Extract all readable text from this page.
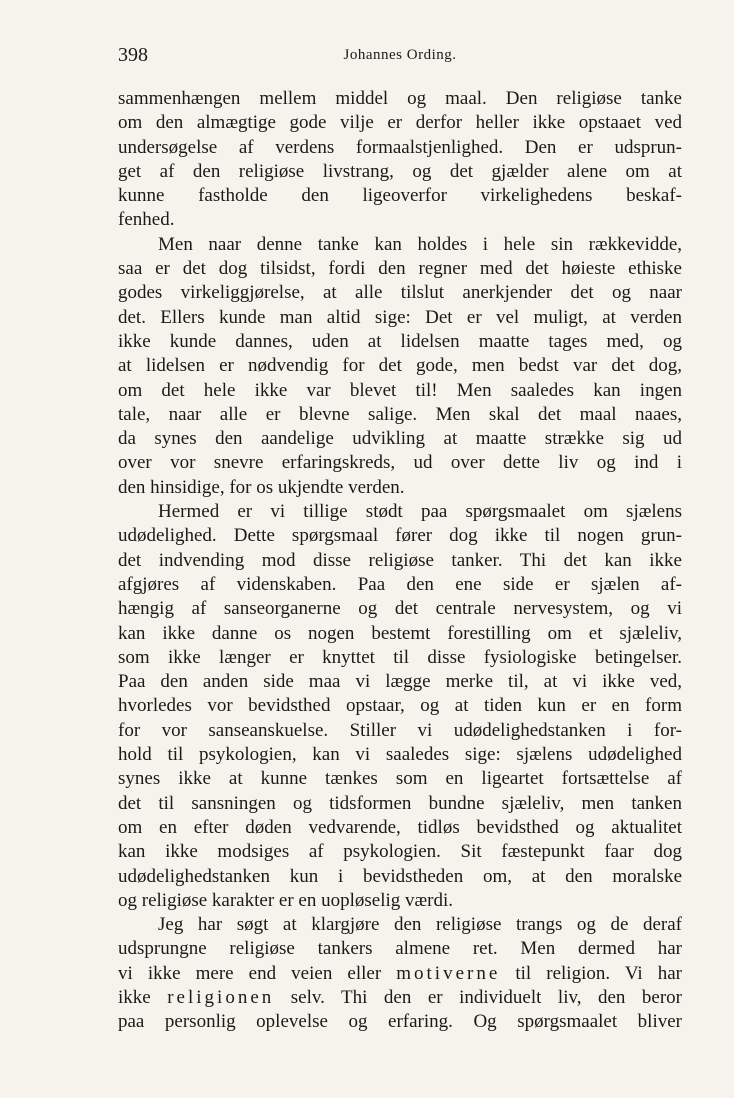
398	Johannes Ording.
sammenhængen mellem middel og maal. Den religiøse tanke
om den almægtige gode vilje er derfor heller ikke opstaaet ved
undersøgelse af verdens formaalstjenlighed. Den er udsprun-
get af den religiøse livstrang, og det gjælder alene om at
kunne fastholde den ligeoverfor virkelighedens beskaf-
fenhed.
Men naar denne tanke kan holdes i hele sin rækkevidde,
saa er det dog tilsidst, fordi den regner med det høieste ethiske
godes virkeliggjørelse, at alle tilslut anerkjender det og naar
det. Ellers kunde man altid sige: Det er vel muligt, at verden
ikke kunde dannes, uden at lidelsen maatte tages med, og
at lidelsen er nødvendig for det gode, men bedst var det dog,
om det hele ikke var blevet til! Men saaledes kan ingen
tale, naar alle er blevne salige. Men skal det maal naaes,
da synes den aandelige udvikling at maatte strække sig ud
over vor snevre erfaringskreds, ud over dette liv og ind i
den hinsidige, for os ukjendte verden.
Hermed er vi tillige stødt paa spørgsmaalet om sjælens
udødelighed. Dette spørgsmaal fører dog ikke til nogen grun-
det indvending mod disse religiøse tanker. Thi det kan ikke
afgjøres af videnskaben. Paa den ene side er sjælen af-
hængig af sanseorganerne og det centrale nervesystem, og vi
kan ikke danne os nogen bestemt forestilling om et sjæleliv,
som ikke længer er knyttet til disse fysiologiske betingelser.
Paa den anden side maa vi lægge merke til, at vi ikke ved,
hvorledes vor bevidsthed opstaar, og at tiden kun er en form
for vor sanseanskuelse. Stiller vi udødelighedstanken i for-
hold til psykologien, kan vi saaledes sige: sjælens udødelighed
synes ikke at kunne tænkes som en ligeartet fortsættelse af
det til sansningen og tidsformen bundne sjæleliv, men tanken
om en efter døden vedvarende, tidløs bevidsthed og aktualitet
kan ikke modsiges af psykologien. Sit fæstepunkt faar dog
udødelighedstanken kun i bevidstheden om, at den moralske
og religiøse karakter er en uopløselig værdi.
Jeg har søgt at klargjøre den religiøse trangs og de deraf
udsprungne religiøse tankers almene ret. Men dermed har
vi ikke mere end veien eller motiverne til religion. Vi har
ikke religionen selv. Thi den er individuelt liv, den beror
paa personlig oplevelse og erfaring. Og spørgsmaalet bliver
